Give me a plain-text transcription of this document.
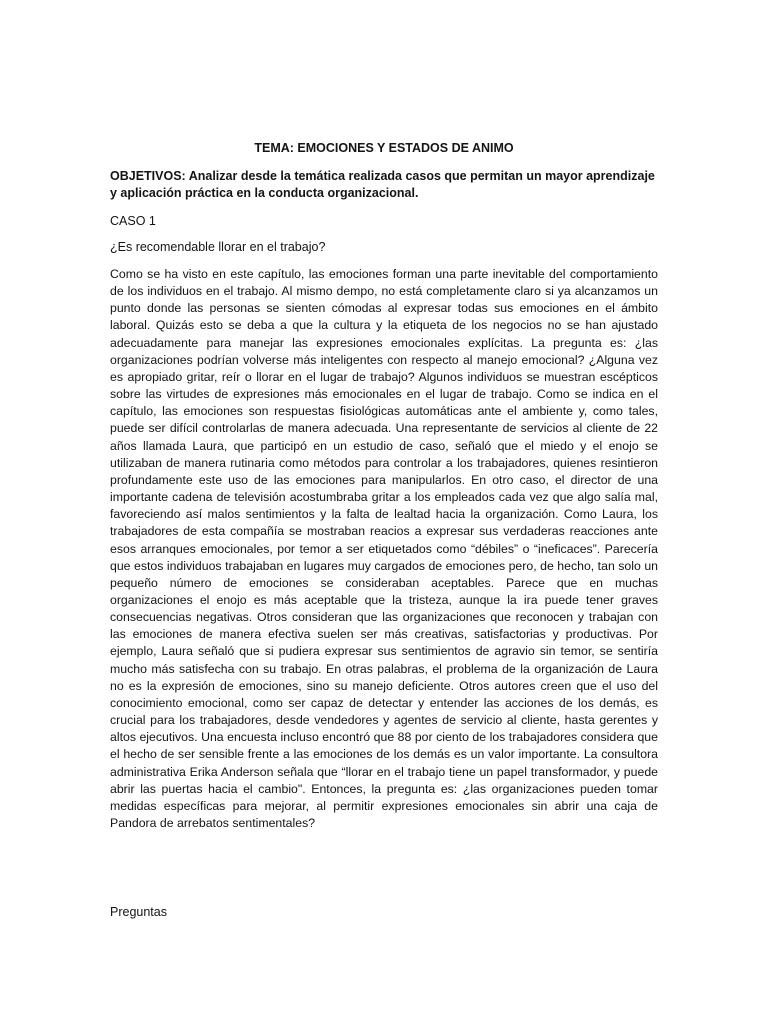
TEMA: EMOCIONES Y ESTADOS DE ANIMO

OBJETIVOS: Analizar desde la temática realizada casos que permitan un mayor aprendizaje y aplicación práctica en la conducta organizacional.

CASO 1

¿Es recomendable llorar en el trabajo?

Como se ha visto en este capítulo, las emociones forman una parte inevitable del comportamiento de los individuos en el trabajo. Al mismo dempo, no está completamente claro si ya alcanzamos un punto donde las personas se sienten cómodas al expresar todas sus emociones en el ámbito laboral. Quizás esto se deba a que la cultura y la etiqueta de los negocios no se han ajustado adecuadamente para manejar las expresiones emocionales explícitas. La pregunta es: ¿las organizaciones podrían volverse más inteligentes con respecto al manejo emocional? ¿Alguna vez es apropiado gritar, reír o llorar en el lugar de trabajo? Algunos individuos se muestran escépticos sobre las virtudes de expresiones más emocionales en el lugar de trabajo. Como se indica en el capítulo, las emociones son respuestas fisiológicas automáticas ante el ambiente y, como tales, puede ser difícil controlarlas de manera adecuada. Una representante de servicios al cliente de 22 años llamada Laura, que participó en un estudio de caso, señaló que el miedo y el enojo se utilizaban de manera rutinaria como métodos para controlar a los trabajadores, quienes resintieron profundamente este uso de las emociones para manipularlos. En otro caso, el director de una importante cadena de televisión acostumbraba gritar a los empleados cada vez que algo salía mal, favoreciendo así malos sentimientos y la falta de lealtad hacia la organización. Como Laura, los trabajadores de esta compañía se mostraban reacios a expresar sus verdaderas reacciones ante esos arranques emocionales, por temor a ser etiquetados como “débiles” o “ineficaces”. Parecería que estos individuos trabajaban en lugares muy cargados de emociones pero, de hecho, tan solo un pequeño número de emociones se consideraban aceptables. Parece que en muchas organizaciones el enojo es más aceptable que la tristeza, aunque la ira puede tener graves consecuencias negativas. Otros consideran que las organizaciones que reconocen y trabajan con las emociones de manera efectiva suelen ser más creativas, satisfactorias y productivas. Por ejemplo, Laura señaló que si pudiera expresar sus sentimientos de agravio sin temor, se sentiría mucho más satisfecha con su trabajo. En otras palabras, el problema de la organización de Laura no es la expresión de emociones, sino su manejo deficiente. Otros autores creen que el uso del conocimiento emocional, como ser capaz de detectar y entender las acciones de los demás, es crucial para los trabajadores, desde vendedores y agentes de servicio al cliente, hasta gerentes y altos ejecutivos. Una encuesta incluso encontró que 88 por ciento de los trabajadores considera que el hecho de ser sensible frente a las emociones de los demás es un valor importante. La consultora administrativa Erika Anderson señala que “llorar en el trabajo tiene un papel transformador, y puede abrir las puertas hacia el cambio". Entonces, la pregunta es: ¿las organizaciones pueden tomar medidas específicas para mejorar, al permitir expresiones emocionales sin abrir una caja de Pandora de arrebatos sentimentales?

Preguntas
